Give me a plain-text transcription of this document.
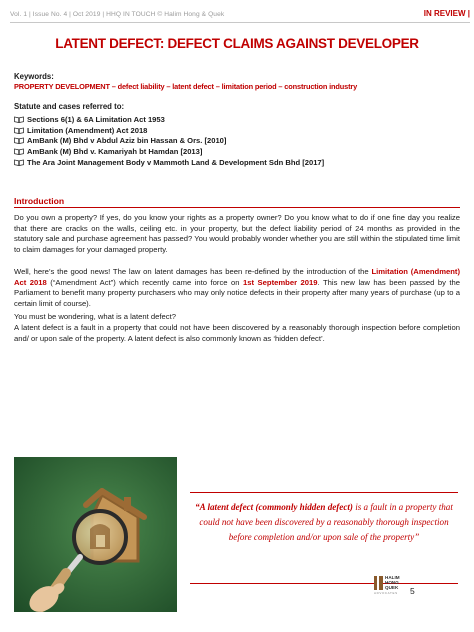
Vol. 1 | Issue No. 4 | Oct 2019 | HHQ IN TOUCH © Halim Hong & Quek	IN REVIEW |
LATENT DEFECT: DEFECT CLAIMS AGAINST DEVELOPER
Keywords:
PROPERTY DEVELOPMENT – defect liability – latent defect – limitation period – construction industry
Statute and cases referred to:
Sections 6(1) & 6A Limitation Act 1953
Limitation (Amendment) Act 2018
AmBank (M) Bhd v Abdul Aziz bin Hassan & Ors. [2010]
AmBank (M) Bhd v. Kamariyah bt Hamdan [2013]
The Ara Joint Management Body v Mammoth Land & Development Sdn Bhd [2017]
Introduction
Do you own a property? If yes, do you know your rights as a property owner? Do you know what to do if one fine day you realize that there are cracks on the walls, ceiling etc. in your property, but the defect liability period of 24 months as provided in the statutory sale and purchase agreement has passed? You would probably wonder whether you are still within the stipulated time limit to claim damages for your damaged property.
Well, here’s the good news! The law on latent damages has been re-defined by the introduction of the Limitation (Amendment) Act 2018 (“Amendment Act”) which recently came into force on 1st September 2019. This new law has been passed by the Parliament to benefit many property purchasers who may only notice defects in their property after many years of purchase (up to a certain limit of course).
You must be wondering, what is a latent defect?
A latent defect is a fault in a property that could not have been discovered by a reasonably thorough inspection before completion and/ or upon sale of the property. A latent defect is also commonly known as ‘hidden defect’.
“A latent defect (commonly hidden defect) is a fault in a property that could not have been discovered by a reasonably thorough inspection before completion and/or upon sale of the property”
HALIM HONG QUEK
ADVOCATES 5
